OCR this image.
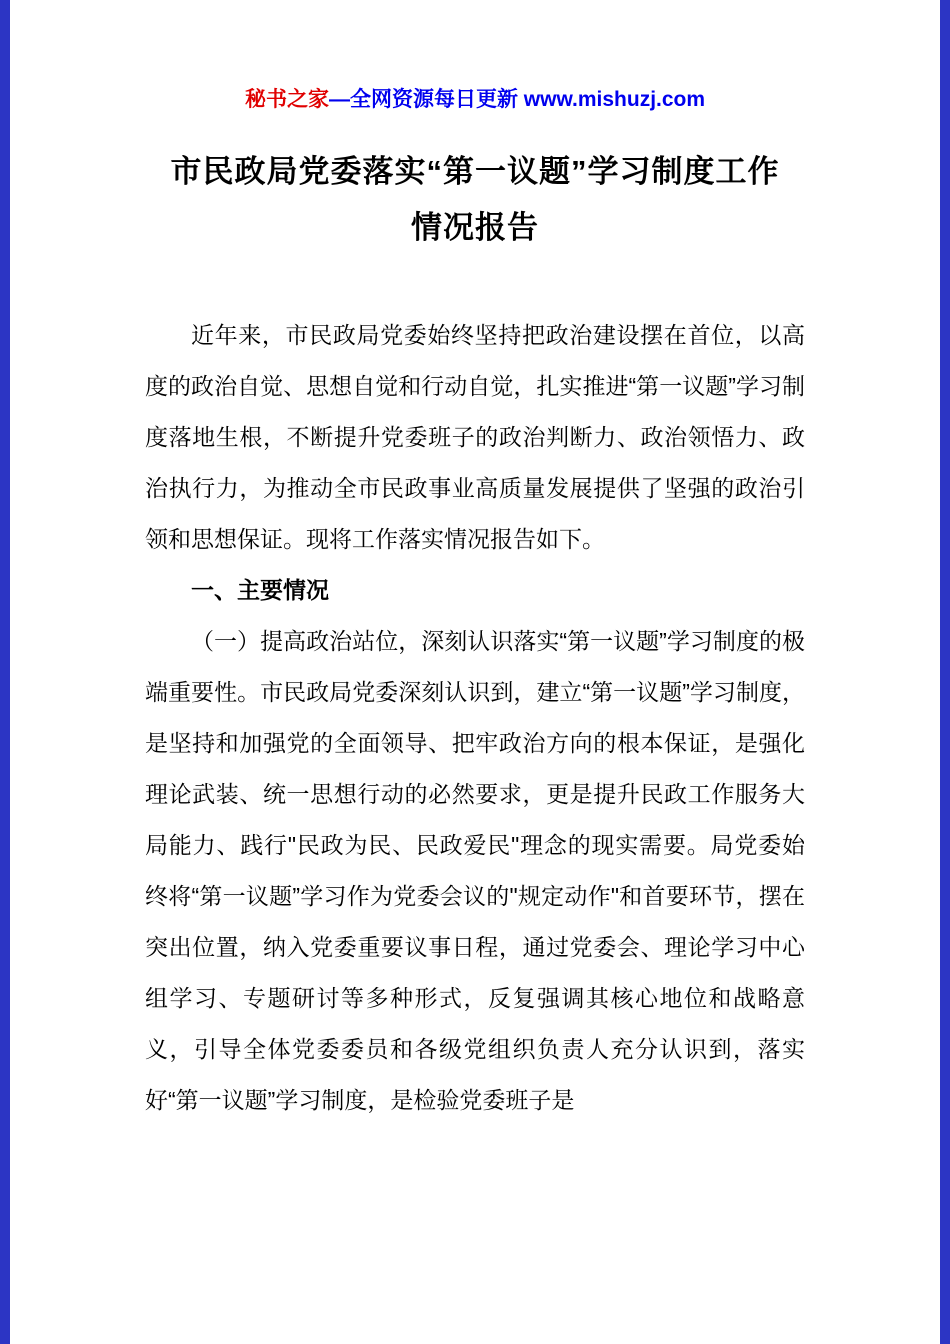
秘书之家—全网资源每日更新 www.mishuzj.com
市民政局党委落实“第一议题”学习制度工作
情况报告

近年来，市民政局党委始终坚持把政治建设摆在首位，以高度的政治自觉、思想自觉和行动自觉，扎实推进“第一议题”学习制度落地生根，不断提升党委班子的政治判断力、政治领悟力、政治执行力，为推动全市民政事业高质量发展提供了坚强的政治引领和思想保证。现将工作落实情况报告如下。

一、主要情况

（一）提高政治站位，深刻认识落实“第一议题”学习制度的极端重要性。市民政局党委深刻认识到，建立“第一议题”学习制度，是坚持和加强党的全面领导、把牢政治方向的根本保证，是强化理论武装、统一思想行动的必然要求，更是提升民政工作服务大局能力、践行"民政为民、民政爱民"理念的现实需要。局党委始终将“第一议题”学习作为党委会议的"规定动作"和首要环节，摆在突出位置，纳入党委重要议事日程，通过党委会、理论学习中心组学习、专题研讨等多种形式，反复强调其核心地位和战略意义，引导全体党委委员和各级党组织负责人充分认识到，落实好“第一议题”学习制度，是检验党委班子是
